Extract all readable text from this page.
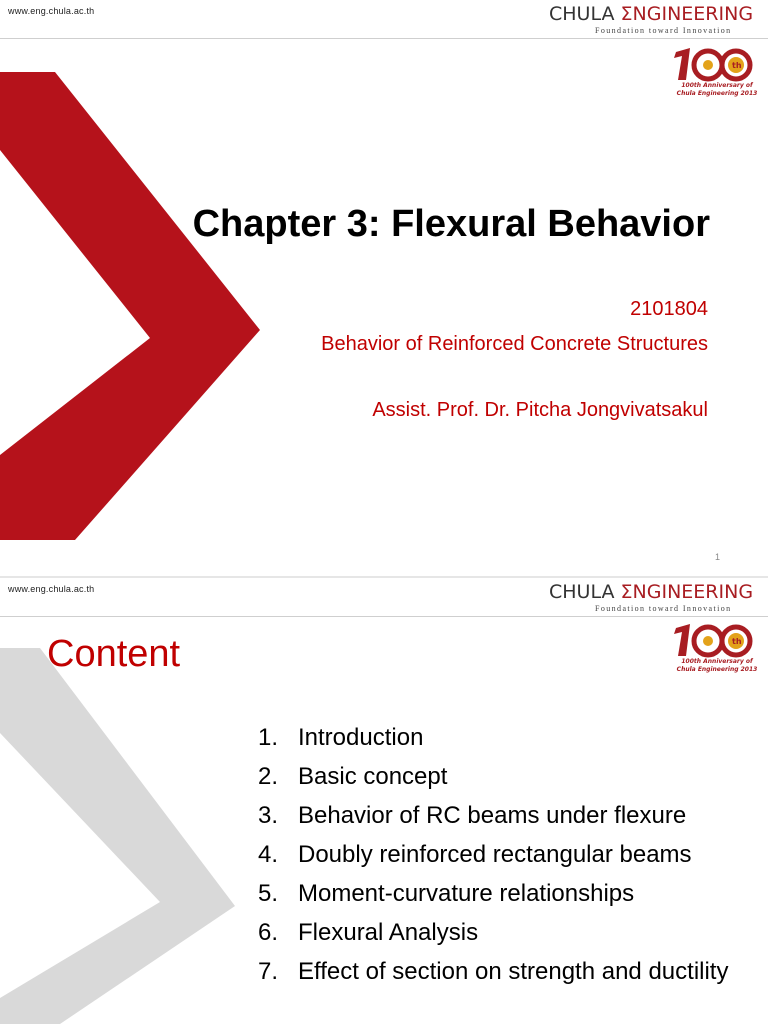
www.eng.chula.ac.th	CHULA ΣNGINEERING
Foundation toward Innovation
th
100th Anniversary of
Chula Engineering 2013
Chapter 3: Flexural Behavior
2101804
Behavior of Reinforced Concrete Structures
Assist. Prof. Dr. Pitcha Jongvivatsakul
1
www.eng.chula.ac.th	CHULA ΣNGINEERING
Foundation toward Innovation
th
100th Anniversary of
Chula Engineering 2013
Content
1. Introduction
2. Basic concept
3. Behavior of RC beams under flexure
4. Doubly reinforced rectangular beams
5. Moment-curvature relationships
6. Flexural Analysis
7. Effect of section on strength and ductility
